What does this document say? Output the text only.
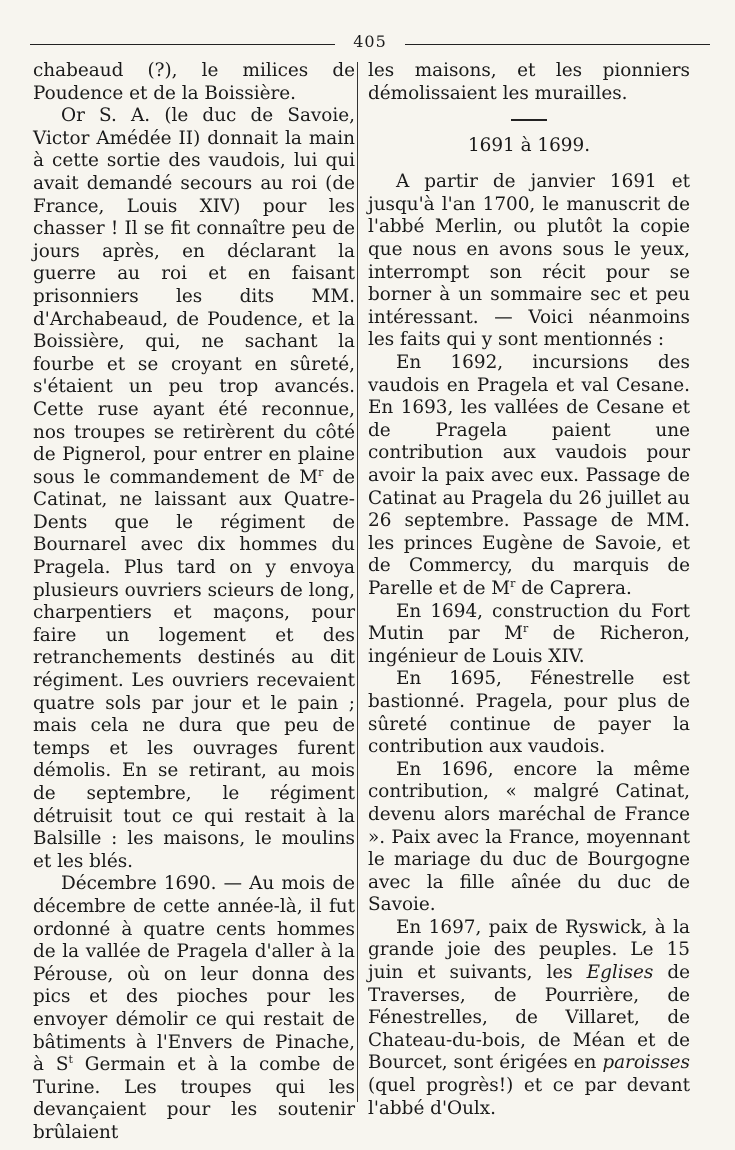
405

chabeaud (?), le milices de Poudence et de la Boissière.

Or S. A. (le duc de Savoie, Victor Amédée II) donnait la main à cette sortie des vaudois, lui qui avait demandé secours au roi (de France, Louis XIV) pour les chasser ! Il se fit connaître peu de jours après, en déclarant la guerre au roi et en faisant prisonniers les dits MM. d'Archabeaud, de Poudence, et la Boissière, qui, ne sachant la fourbe et se croyant en sûreté, s'étaient un peu trop avancés. Cette ruse ayant été reconnue, nos troupes se retirèrent du côté de Pignerol, pour entrer en plaine sous le commandement de $M^r$ de Catinat, ne laissant aux Quatre-Dents que le régiment de Bournarel avec dix hommes du Pragela. Plus tard on y envoya plusieurs ouvriers scieurs de long, charpentiers et maçons, pour faire un logement et des retranchements destinés au dit régiment. Les ouvriers recevaient quatre sols par jour et le pain ; mais cela ne dura que peu de temps et les ouvrages furent démolis. En se retirant, au mois de septembre, le régiment détruisit tout ce qui restait à la Balsille : les maisons, le moulins et les blés.

Décembre 1690. — Au mois de décembre de cette année-là, il fut ordonné à quatre cents hommes de la vallée de Pragela d'aller à la Pérouse, où on leur donna des pics et des pioches pour les envoyer démolir ce qui restait de bâtiments à l'Envers de Pinache, à $S^t$ Germain et à la combe de Turine. Les troupes qui les devançaient pour les soutenir brûlaient

les maisons, et les pionniers démolissaient les murailles.

1691 à 1699.

A partir de janvier 1691 et jusqu'à l'an 1700, le manuscrit de l'abbé Merlin, ou plutôt la copie que nous en avons sous le yeux, interrompt son récit pour se borner à un sommaire sec et peu intéressant. — Voici néanmoins les faits qui y sont mentionnés :

En 1692, incursions des vaudois en Pragela et val Cesane. En 1693, les vallées de Cesane et de Pragela paient une contribution aux vaudois pour avoir la paix avec eux. Passage de Catinat au Pragela du 26 juillet au 26 septembre. Passage de MM. les princes Eugène de Savoie, et de Commercy, du marquis de Parelle et de $M^r$ de Caprera.

En 1694, construction du Fort Mutin par $M^r$ de Richeron, ingénieur de Louis XIV.

En 1695, Fénestrelle est bastionné. Pragela, pour plus de sûreté continue de payer la contribution aux vaudois.

En 1696, encore la même contribution, « malgré Catinat, devenu alors maréchal de France ». Paix avec la France, moyennant le mariage du duc de Bourgogne avec la fille aînée du duc de Savoie.

En 1697, paix de Ryswick, à la grande joie des peuples. Le 15 juin et suivants, les Eglises de Traverses, de Pourrière, de Fénestrelles, de Villaret, de Chateau-du-bois, de Méan et de Bourcet, sont érigées en paroisses (quel progrès!) et ce par devant l'abbé d'Oulx.
